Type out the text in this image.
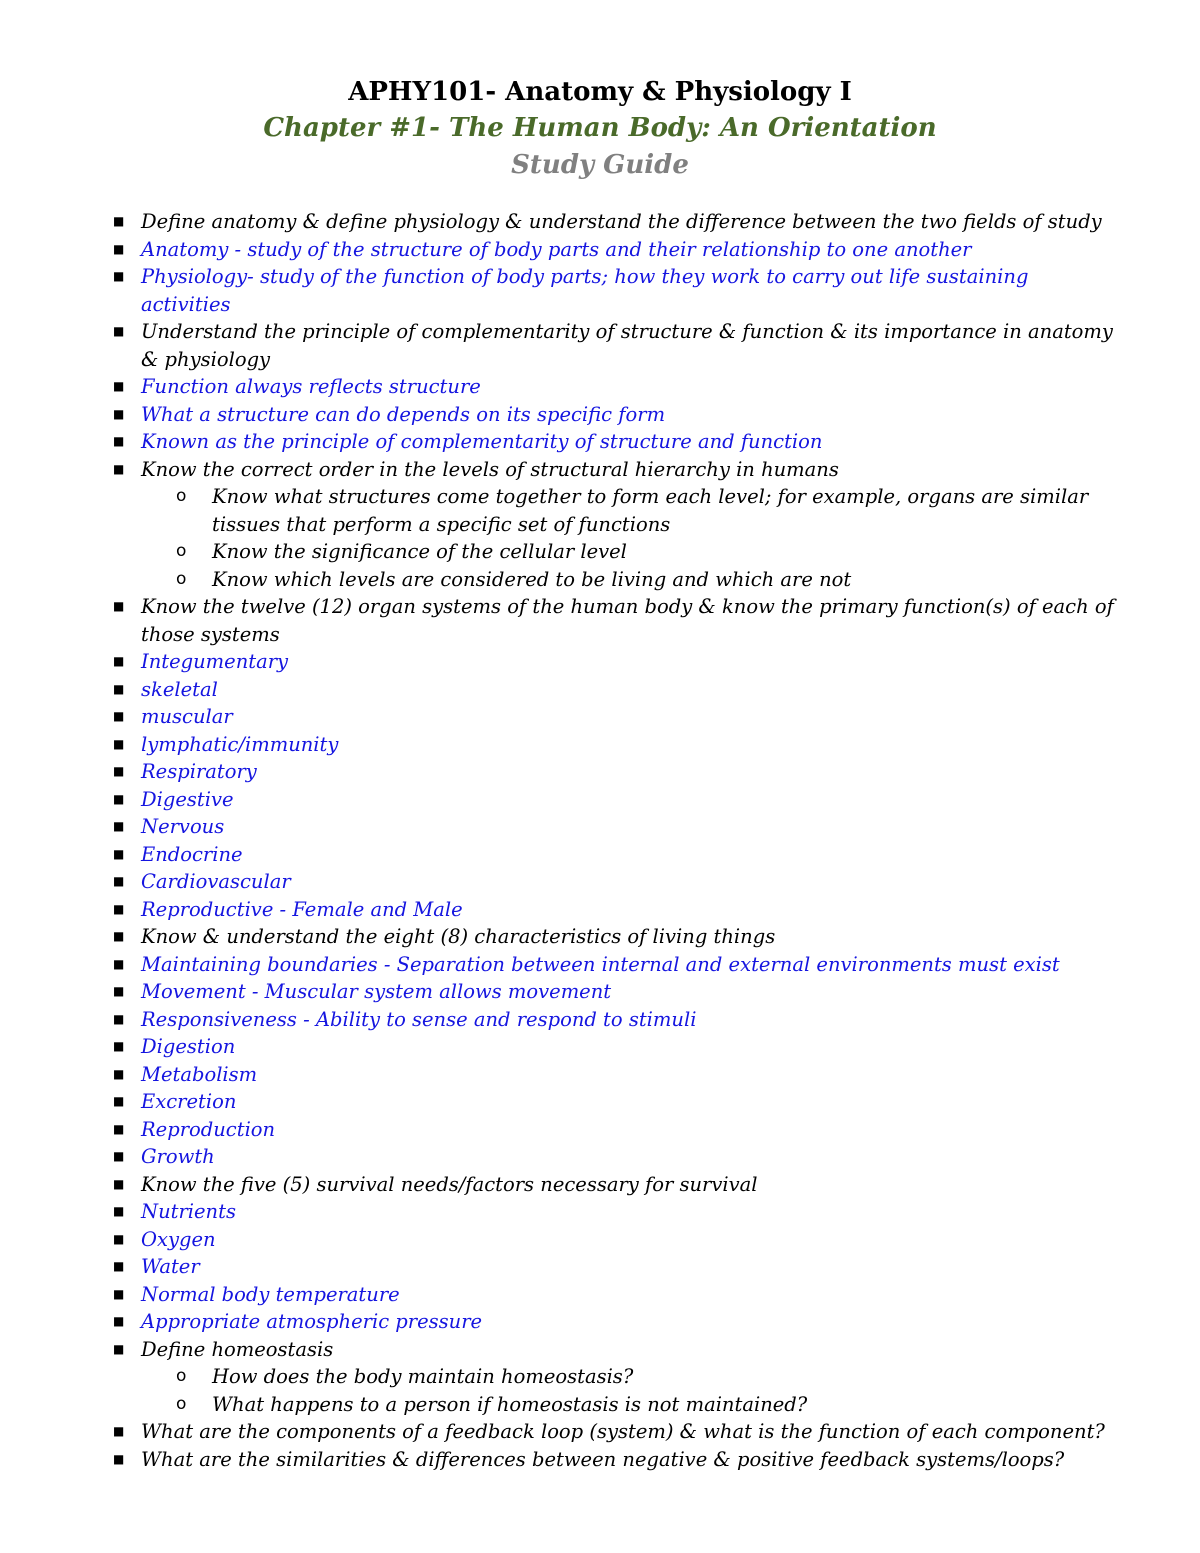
APHY101- Anatomy & Physiology I
Chapter #1- The Human Body: An Orientation
Study Guide
■ Define anatomy & define physiology & understand the difference between the two fields of study
■ Anatomy - study of the structure of body parts and their relationship to one another
■ Physiology- study of the function of body parts; how they work to carry out life sustaining activities
■ Understand the principle of complementarity of structure & function & its importance in anatomy & physiology
■ Function always reflects structure
■ What a structure can do depends on its specific form
■ Known as the principle of complementarity of structure and function
■ Know the correct order in the levels of structural hierarchy in humans
o Know what structures come together to form each level; for example, organs are similar tissues that perform a specific set of functions
o Know the significance of the cellular level
o Know which levels are considered to be living and which are not
■ Know the twelve (12) organ systems of the human body & know the primary function(s) of each of those systems
■ Integumentary
■ skeletal
■ muscular
■ lymphatic/immunity
■ Respiratory
■ Digestive
■ Nervous
■ Endocrine
■ Cardiovascular
■ Reproductive - Female and Male
■ Know & understand the eight (8) characteristics of living things
■ Maintaining boundaries - Separation between internal and external environments must exist
■ Movement - Muscular system allows movement
■ Responsiveness - Ability to sense and respond to stimuli
■ Digestion
■ Metabolism
■ Excretion
■ Reproduction
■ Growth
■ Know the five (5) survival needs/factors necessary for survival
■ Nutrients
■ Oxygen
■ Water
■ Normal body temperature
■ Appropriate atmospheric pressure
■ Define homeostasis
o How does the body maintain homeostasis?
o What happens to a person if homeostasis is not maintained?
■ What are the components of a feedback loop (system) & what is the function of each component?
■ What are the similarities & differences between negative & positive feedback systems/loops?
